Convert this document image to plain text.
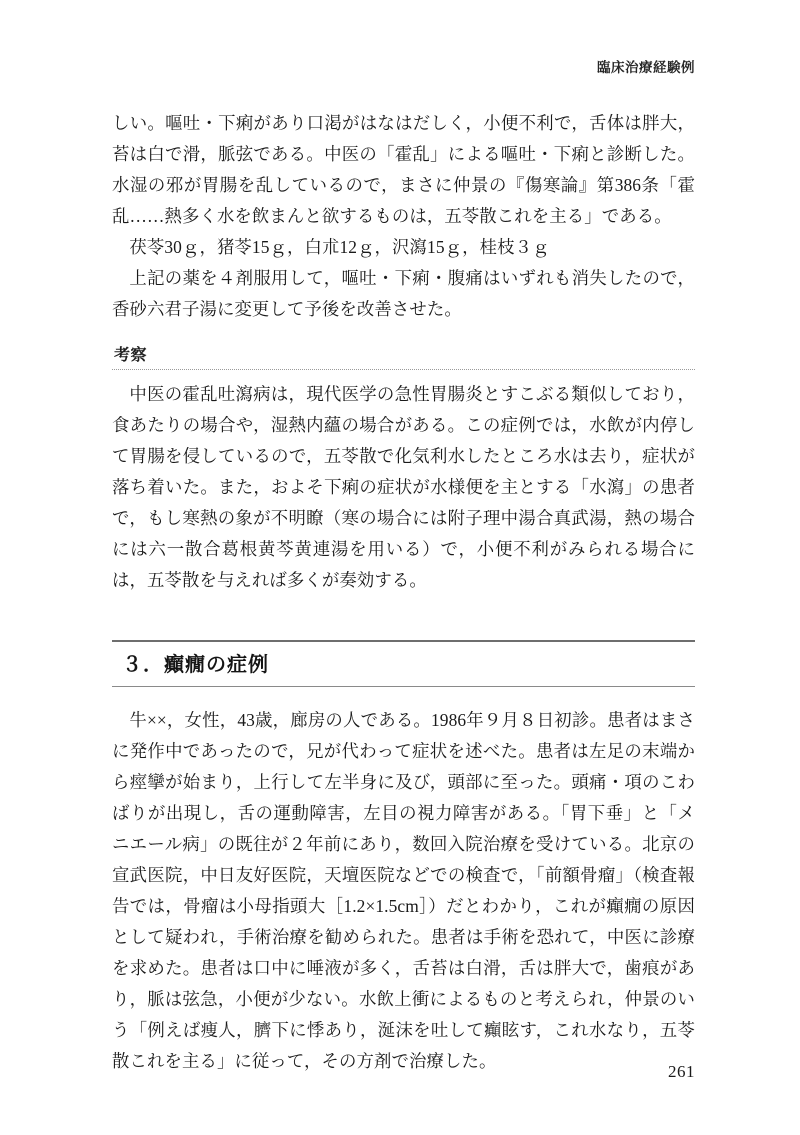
臨床治療経験例

しい。嘔吐・下痢があり口渇がはなはだしく，小便不利で，舌体は胖大，苔は白で滑，脈弦である。中医の「霍乱」による嘔吐・下痢と診断した。水湿の邪が胃腸を乱しているので，まさに仲景の『傷寒論』第386条「霍乱……熱多く水を飲まんと欲するものは，五苓散これを主る」である。

茯苓30ｇ，猪苓15ｇ，白朮12ｇ，沢瀉15ｇ，桂枝３ｇ

上記の薬を４剤服用して，嘔吐・下痢・腹痛はいずれも消失したので，香砂六君子湯に変更して予後を改善させた。

考察

中医の霍乱吐瀉病は，現代医学の急性胃腸炎とすこぶる類似しており，食あたりの場合や，湿熱内蘊の場合がある。この症例では，水飲が内停して胃腸を侵しているので，五苓散で化気利水したところ水は去り，症状が落ち着いた。また，およそ下痢の症状が水様便を主とする「水瀉」の患者で，もし寒熱の象が不明瞭（寒の場合には附子理中湯合真武湯，熱の場合には六一散合葛根黄芩黄連湯を用いる）で，小便不利がみられる場合には，五苓散を与えれば多くが奏効する。

３．癲癇の症例

牛××，女性，43歳，廊房の人である。1986年９月８日初診。患者はまさに発作中であったので，兄が代わって症状を述べた。患者は左足の末端から痙攣が始まり，上行して左半身に及び，頭部に至った。頭痛・項のこわばりが出現し，舌の運動障害，左目の視力障害がある。「胃下垂」と「メニエール病」の既往が２年前にあり，数回入院治療を受けている。北京の宣武医院，中日友好医院，天壇医院などでの検査で，「前額骨瘤」（検査報告では，骨瘤は小母指頭大［1.2×1.5cm］）だとわかり，これが癲癇の原因として疑われ，手術治療を勧められた。患者は手術を恐れて，中医に診療を求めた。患者は口中に唾液が多く，舌苔は白滑，舌は胖大で，歯痕があり，脈は弦急，小便が少ない。水飲上衝によるものと考えられ，仲景のいう「例えば痩人，臍下に悸あり，涎沫を吐して癲眩す，これ水なり，五苓散これを主る」に従って，その方剤で治療した。

261
